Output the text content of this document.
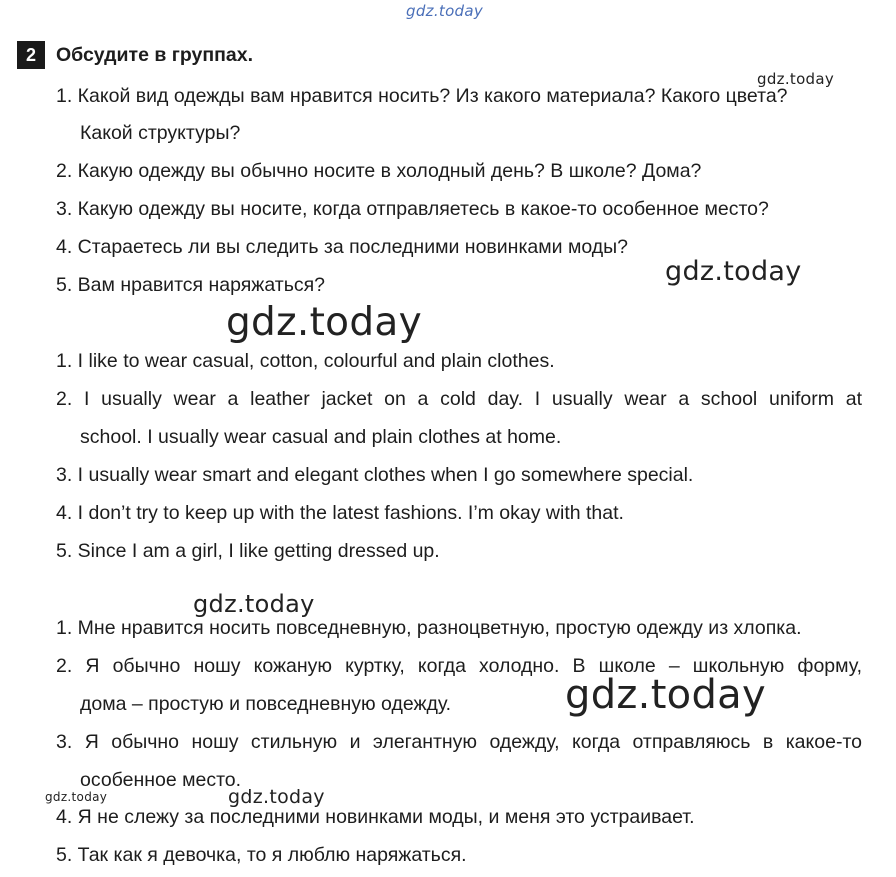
gdz.today
gdz.today
gdz.today
gdz.today
gdz.today
gdz.today
gdz.today	gdz.today
2	Обсудите в группах.
1. Какой вид одежды вам нравится носить? Из какого материала? Какого цвета?
Какой структуры?
2. Какую одежду вы обычно носите в холодный день? В школе? Дома?
3. Какую одежду вы носите, когда отправляетесь в какое-то особенное место?
4. Стараетесь ли вы следить за последними новинками моды?
5. Вам нравится наряжаться?
1. I like to wear casual, cotton, colourful and plain clothes.
2. I usually wear a leather jacket on a cold day. I usually wear a school uniform at
school. I usually wear casual and plain clothes at home.
3. I usually wear smart and elegant clothes when I go somewhere special.
4. I don’t try to keep up with the latest fashions. I’m okay with that.
5. Since I am a girl, I like getting dressed up.
1. Мне нравится носить повседневную, разноцветную, простую одежду из хлопка.
2. Я обычно ношу кожаную куртку, когда холодно. В школе – школьную форму,
дома – простую и повседневную одежду.
3. Я обычно ношу стильную и элегантную одежду, когда отправляюсь в какое-то
особенное место.
4. Я не слежу за последними новинками моды, и меня это устраивает.
5. Так как я девочка, то я люблю наряжаться.
